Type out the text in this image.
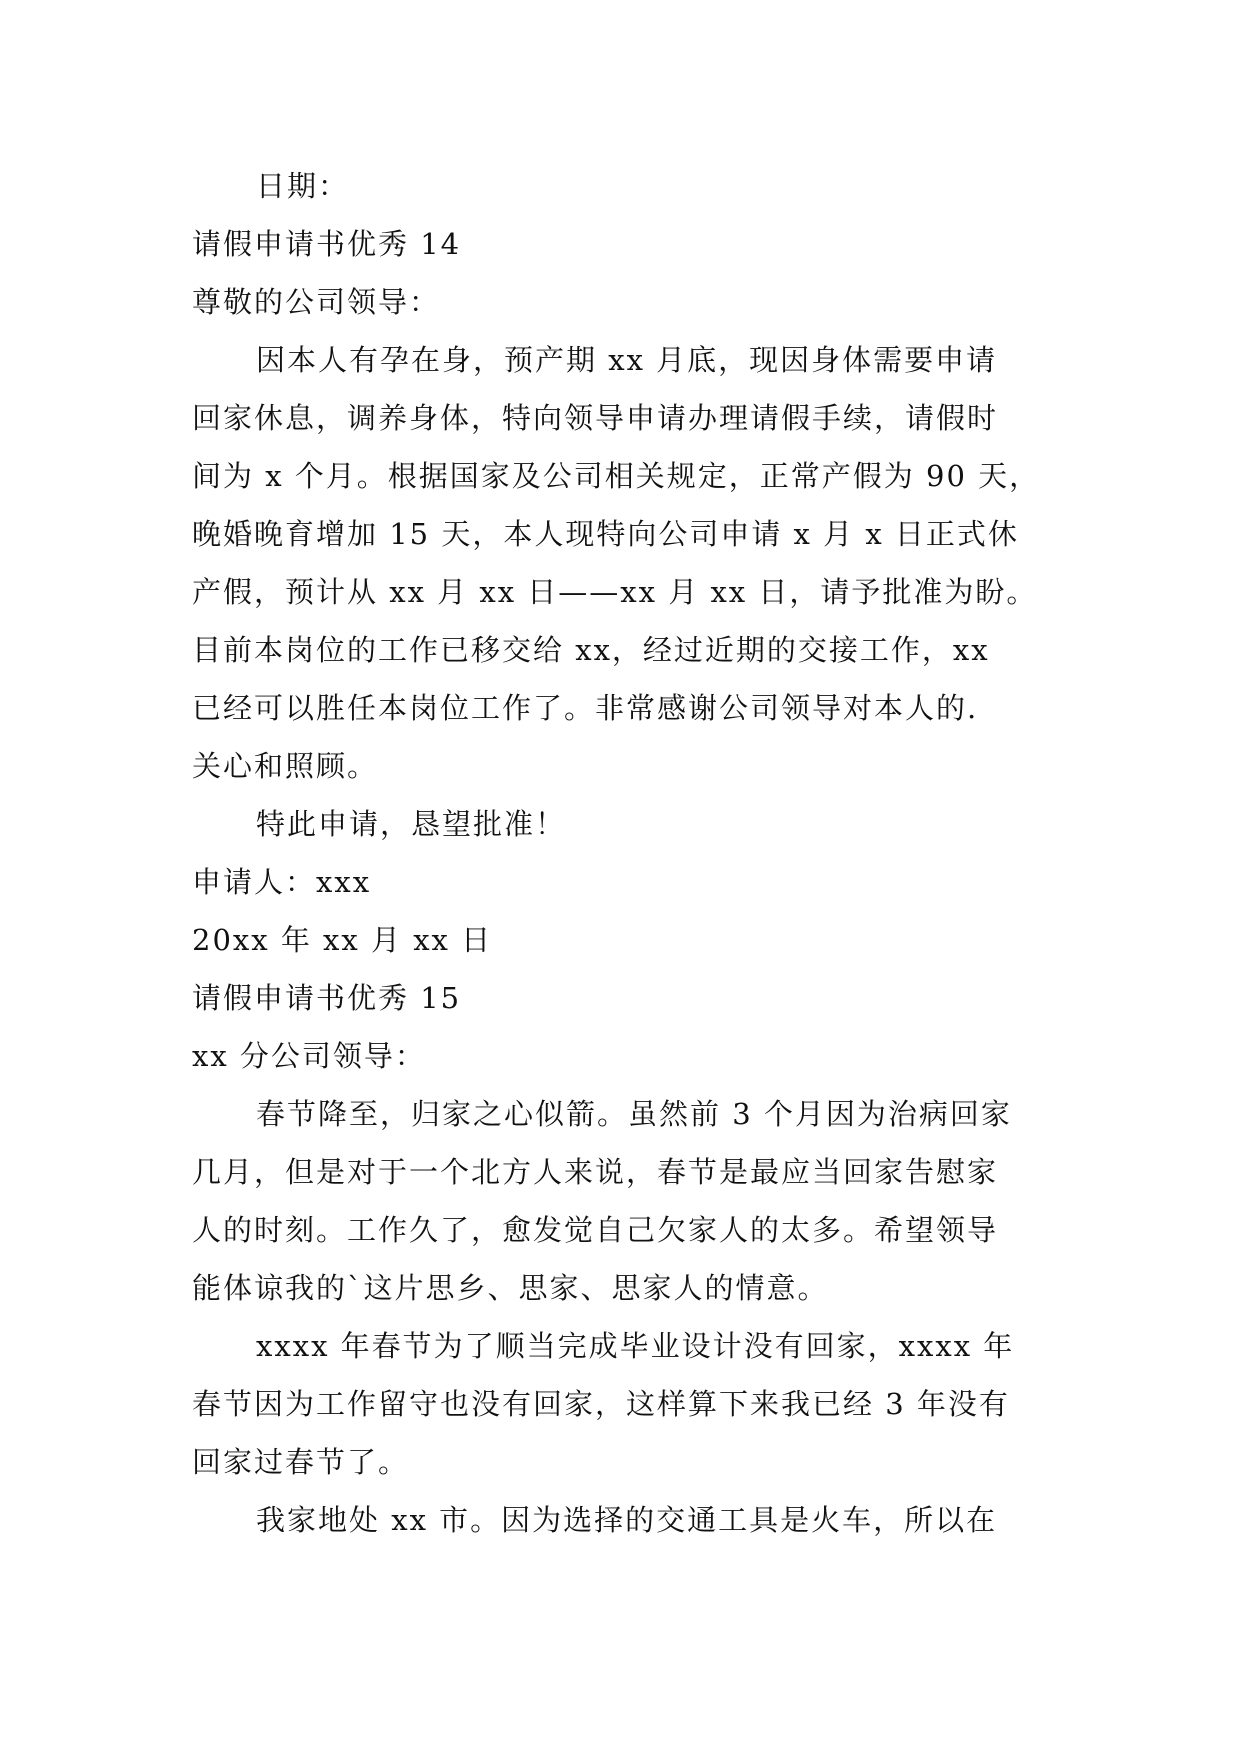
日期：
请假申请书优秀 14
尊敬的公司领导：
因本人有孕在身，预产期 xx 月底，现因身体需要申请
回家休息，调养身体，特向领导申请办理请假手续，请假时
间为 x 个月。根据国家及公司相关规定，正常产假为 90 天，
晚婚晚育增加 15 天，本人现特向公司申请 x 月 x 日正式休
产假，预计从 xx 月 xx 日——xx 月 xx 日，请予批准为盼。
目前本岗位的工作已移交给 xx，经过近期的交接工作，xx
已经可以胜任本岗位工作了。非常感谢公司领导对本人的.
关心和照顾。
特此申请，恳望批准！
申请人：xxx
20xx 年 xx 月 xx 日
请假申请书优秀 15
xx 分公司领导：
春节降至，归家之心似箭。虽然前 3 个月因为治病回家
几月，但是对于一个北方人来说，春节是最应当回家告慰家
人的时刻。工作久了，愈发觉自己欠家人的太多。希望领导
能体谅我的`这片思乡、思家、思家人的情意。
xxxx 年春节为了顺当完成毕业设计没有回家，xxxx 年
春节因为工作留守也没有回家，这样算下来我已经 3 年没有
回家过春节了。
我家地处 xx 市。因为选择的交通工具是火车，所以在
